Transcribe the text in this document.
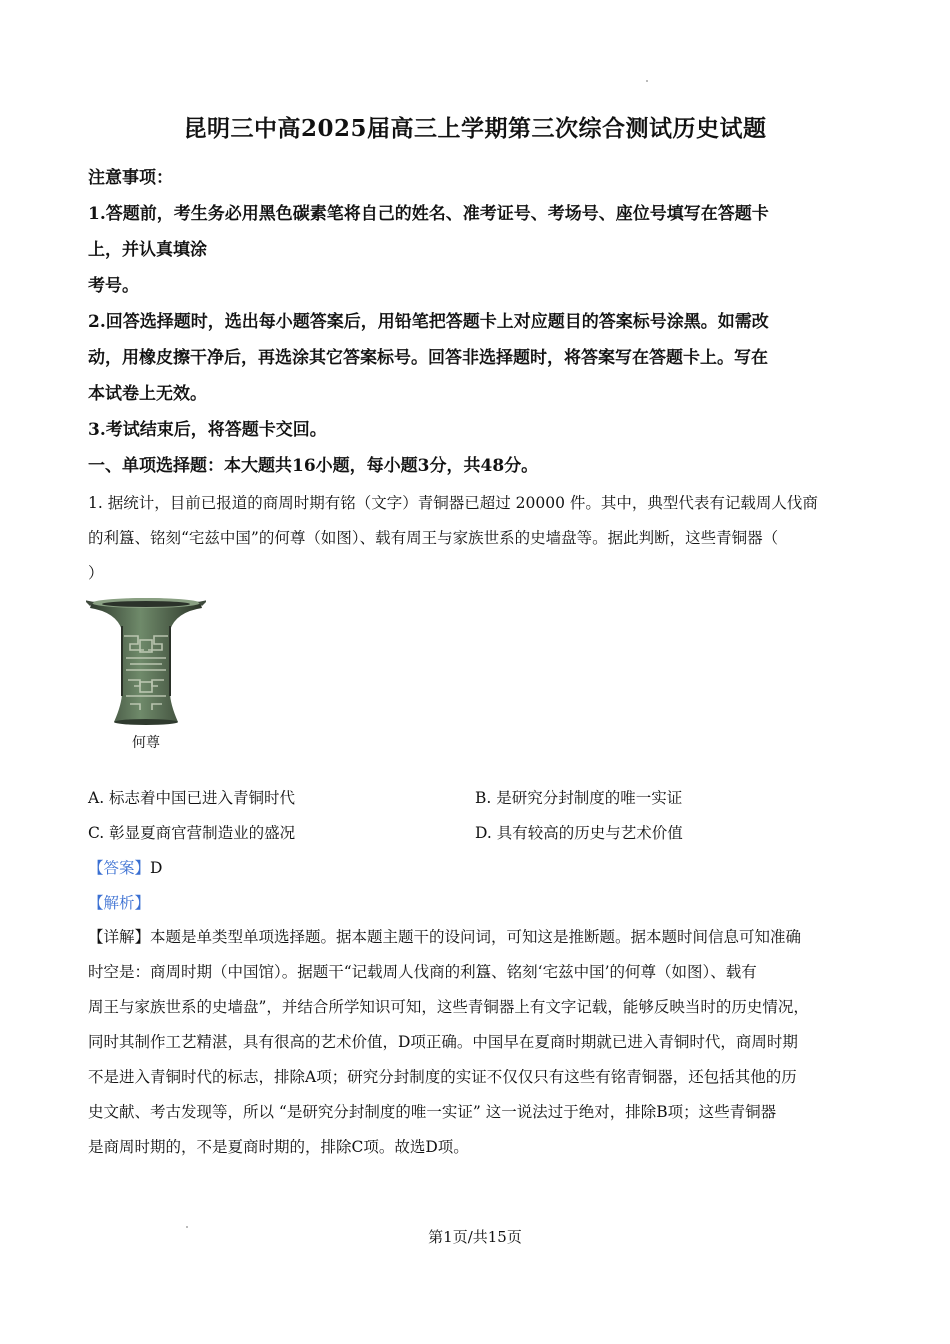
昆明三中高2025届高三上学期第三次综合测试历史试题

注意事项：

1.答题前，考生务必用黑色碳素笔将自己的姓名、准考证号、考场号、座位号填写在答题卡

上，并认真填涂

考号。

2.回答选择题时，选出每小题答案后，用铅笔把答题卡上对应题目的答案标号涂黑。如需改

动，用橡皮擦干净后，再选涂其它答案标号。回答非选择题时，将答案写在答题卡上。写在

本试卷上无效。

3.考试结束后，将答题卡交回。

一、单项选择题：本大题共16小题，每小题3分，共48分。

1. 据统计，目前已报道的商周时期有铭（文字）青铜器已超过 20000 件。其中，典型代表有记载周人伐商

的利簋、铭刻“宅兹中国”的何尊（如图）、载有周王与家族世系的史墙盘等。据此判断，这些青铜器（

）

何尊
A. 标志着中国已进入青铜时代	B. 是研究分封制度的唯一实证
C. 彰显夏商官营制造业的盛况	D. 具有较高的历史与艺术价值
【答案】D
【解析】

【详解】本题是单类型单项选择题。据本题主题干的设问词，可知这是推断题。据本题时间信息可知准确

时空是：商周时期（中国馆）。据题干“记载周人伐商的利簋、铭刻‘宅兹中国’的何尊（如图）、载有

周王与家族世系的史墙盘”，并结合所学知识可知，这些青铜器上有文字记载，能够反映当时的历史情况，

同时其制作工艺精湛，具有很高的艺术价值，D项正确。中国早在夏商时期就已进入青铜时代，商周时期

不是进入青铜时代的标志，排除A项；研究分封制度的实证不仅仅只有这些有铭青铜器，还包括其他的历

史文献、考古发现等，所以 “是研究分封制度的唯一实证” 这一说法过于绝对，排除B项；这些青铜器

是商周时期的，不是夏商时期的，排除C项。故选D项。

第1页/共15页
